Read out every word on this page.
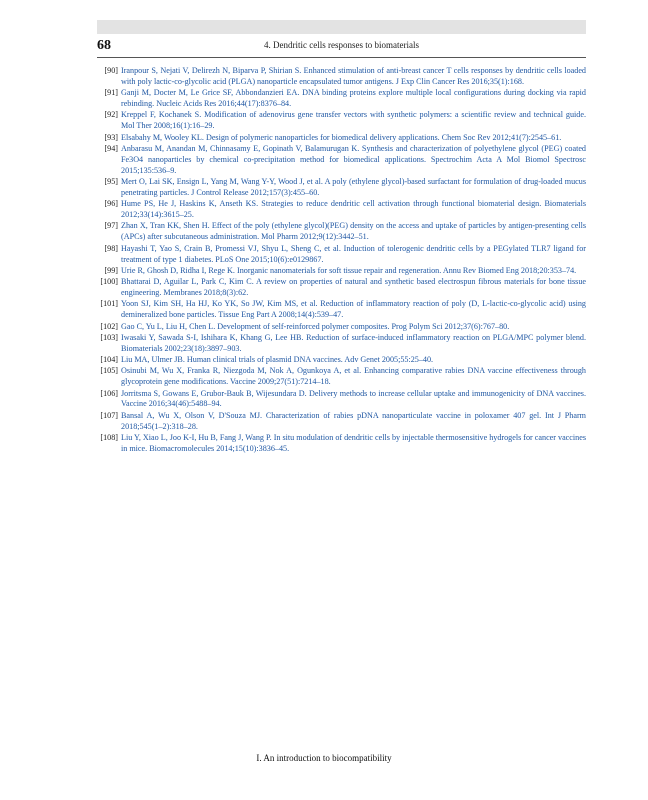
68	4. Dendritic cells responses to biomaterials
[90] Iranpour S, Nejati V, Delirezh N, Biparva P, Shirian S. Enhanced stimulation of anti-breast cancer T cells responses by dendritic cells loaded with poly lactic-co-glycolic acid (PLGA) nanoparticle encapsulated tumor antigens. J Exp Clin Cancer Res 2016;35(1):168.
[91] Ganji M, Docter M, Le Grice SF, Abbondanzieri EA. DNA binding proteins explore multiple local configurations during docking via rapid rebinding. Nucleic Acids Res 2016;44(17):8376–84.
[92] Kreppel F, Kochanek S. Modification of adenovirus gene transfer vectors with synthetic polymers: a scientific review and technical guide. Mol Ther 2008;16(1):16–29.
[93] Elsabahy M, Wooley KL. Design of polymeric nanoparticles for biomedical delivery applications. Chem Soc Rev 2012;41(7):2545–61.
[94] Anbarasu M, Anandan M, Chinnasamy E, Gopinath V, Balamurugan K. Synthesis and characterization of polyethylene glycol (PEG) coated Fe3O4 nanoparticles by chemical co-precipitation method for biomedical applications. Spectrochim Acta A Mol Biomol Spectrosc 2015;135:536–9.
[95] Mert O, Lai SK, Ensign L, Yang M, Wang Y-Y, Wood J, et al. A poly (ethylene glycol)-based surfactant for formulation of drug-loaded mucus penetrating particles. J Control Release 2012;157(3):455–60.
[96] Hume PS, He J, Haskins K, Anseth KS. Strategies to reduce dendritic cell activation through functional biomaterial design. Biomaterials 2012;33(14):3615–25.
[97] Zhan X, Tran KK, Shen H. Effect of the poly (ethylene glycol)(PEG) density on the access and uptake of particles by antigen-presenting cells (APCs) after subcutaneous administration. Mol Pharm 2012;9(12):3442–51.
[98] Hayashi T, Yao S, Crain B, Promessi VJ, Shyu L, Sheng C, et al. Induction of tolerogenic dendritic cells by a PEGylated TLR7 ligand for treatment of type 1 diabetes. PLoS One 2015;10(6):e0129867.
[99] Urie R, Ghosh D, Ridha I, Rege K. Inorganic nanomaterials for soft tissue repair and regeneration. Annu Rev Biomed Eng 2018;20:353–74.
[100] Bhattarai D, Aguilar L, Park C, Kim C. A review on properties of natural and synthetic based electrospun fibrous materials for bone tissue engineering. Membranes 2018;8(3):62.
[101] Yoon SJ, Kim SH, Ha HJ, Ko YK, So JW, Kim MS, et al. Reduction of inflammatory reaction of poly (D, L-lactic-co-glycolic acid) using demineralized bone particles. Tissue Eng Part A 2008;14(4):539–47.
[102] Gao C, Yu L, Liu H, Chen L. Development of self-reinforced polymer composites. Prog Polym Sci 2012;37(6):767–80.
[103] Iwasaki Y, Sawada S-I, Ishihara K, Khang G, Lee HB. Reduction of surface-induced inflammatory reaction on PLGA/MPC polymer blend. Biomaterials 2002;23(18):3897–903.
[104] Liu MA, Ulmer JB. Human clinical trials of plasmid DNA vaccines. Adv Genet 2005;55:25–40.
[105] Osinubi M, Wu X, Franka R, Niezgoda M, Nok A, Ogunkoya A, et al. Enhancing comparative rabies DNA vaccine effectiveness through glycoprotein gene modifications. Vaccine 2009;27(51):7214–18.
[106] Jorritsma S, Gowans E, Grubor-Bauk B, Wijesundara D. Delivery methods to increase cellular uptake and immunogenicity of DNA vaccines. Vaccine 2016;34(46):5488–94.
[107] Bansal A, Wu X, Olson V, D'Souza MJ. Characterization of rabies pDNA nanoparticulate vaccine in poloxamer 407 gel. Int J Pharm 2018;545(1–2):318–28.
[108] Liu Y, Xiao L, Joo K-I, Hu B, Fang J, Wang P. In situ modulation of dendritic cells by injectable thermosensitive hydrogels for cancer vaccines in mice. Biomacromolecules 2014;15(10):3836–45.
I. An introduction to biocompatibility
